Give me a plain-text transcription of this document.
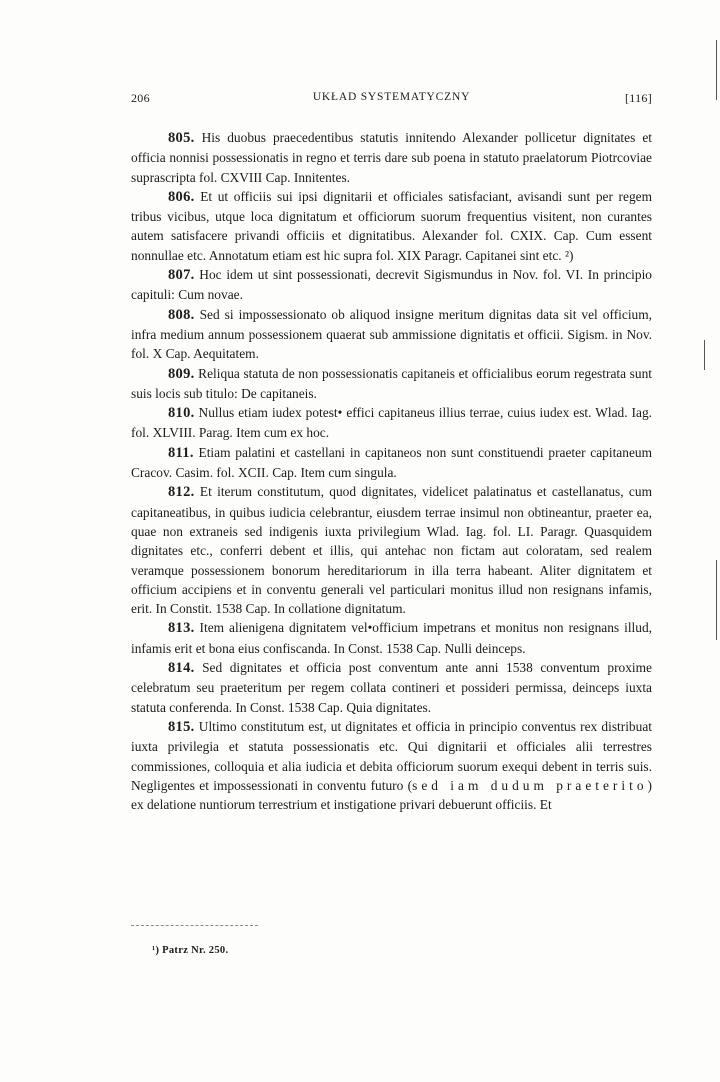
206	UKŁAD SYSTEMATYCZNY	[116]

805. His duobus praecedentibus statutis innitendo Alexander pollicetur dignitates et officia nonnisi possessionatis in regno et terris dare sub poena in statuto praelatorum Piotrcoviae suprascripta fol. CXVIII Cap. Innitentes.

806. Et ut officiis sui ipsi dignitarii et officiales satisfaciant, avisandi sunt per regem tribus vicibus, utque loca dignitatum et officiorum suorum frequentius visitent, non curantes autem satisfacere privandi officiis et dignitatibus. Alexander fol. CXIX. Cap. Cum essent nonnullae etc. Annotatum etiam est hic supra fol. XIX Paragr. Capitanei sint etc. ²)

807. Hoc idem ut sint possessionati, decrevit Sigismundus in Nov. fol. VI. In principio capituli: Cum novae.

808. Sed si impossessionato ob aliquod insigne meritum dignitas data sit vel officium, infra medium annum possessionem quaerat sub ammissione dignitatis et officii. Sigism. in Nov. fol. X Cap. Aequitatem.

809. Reliqua statuta de non possessionatis capitaneis et officialibus eorum regestrata sunt suis locis sub titulo: De capitaneis.

810. Nullus etiam iudex potest• effici capitaneus illius terrae, cuius iudex est. Wlad. Iag. fol. XLVIII. Parag. Item cum ex hoc.

811. Etiam palatini et castellani in capitaneos non sunt constituendi praeter capitaneum Cracov. Casim. fol. XCII. Cap. Item cum singula.

812. Et iterum constitutum, quod dignitates, videlicet palatinatus et castellanatus, cum capitaneatibus, in quibus iudicia celebrantur, eiusdem terrae insimul non obtineantur, praeter ea, quae non extraneis sed indigenis iuxta privilegium Wlad. Iag. fol. LI. Paragr. Quasquidem dignitates etc., conferri debent et illis, qui antehac non fictam aut coloratam, sed realem veramque possessionem bonorum hereditariorum in illa terra habeant. Aliter dignitatem et officium accipiens et in conventu generali vel particulari monitus illud non resignans infamis, erit. In Constit. 1538 Cap. In collatione dignitatum.

813. Item alienigena dignitatem vel•officium impetrans et monitus non resignans illud, infamis erit et bona eius confiscanda. In Const. 1538 Cap. Nulli deinceps.

814. Sed dignitates et officia post conventum ante anni 1538 conventum proxime celebratum seu praeteritum per regem collata contineri et possideri permissa, deinceps iuxta statuta conferenda. In Const. 1538 Cap. Quia dignitates.

815. Ultimo constitutum est, ut dignitates et officia in principio conventus rex distribuat iuxta privilegia et statuta possessionatis etc. Qui dignitarii et officiales alii terrestres commissiones, colloquia et alia iudicia et debita officiorum suorum exequi debent in terris suis. Negligentes et impossessionati in conventu futuro (sed iam dudum praeterito) ex delatione nuntiorum terrestrium et instigatione privari debuerunt officiis. Et

¹) Patrz Nr. 250.
